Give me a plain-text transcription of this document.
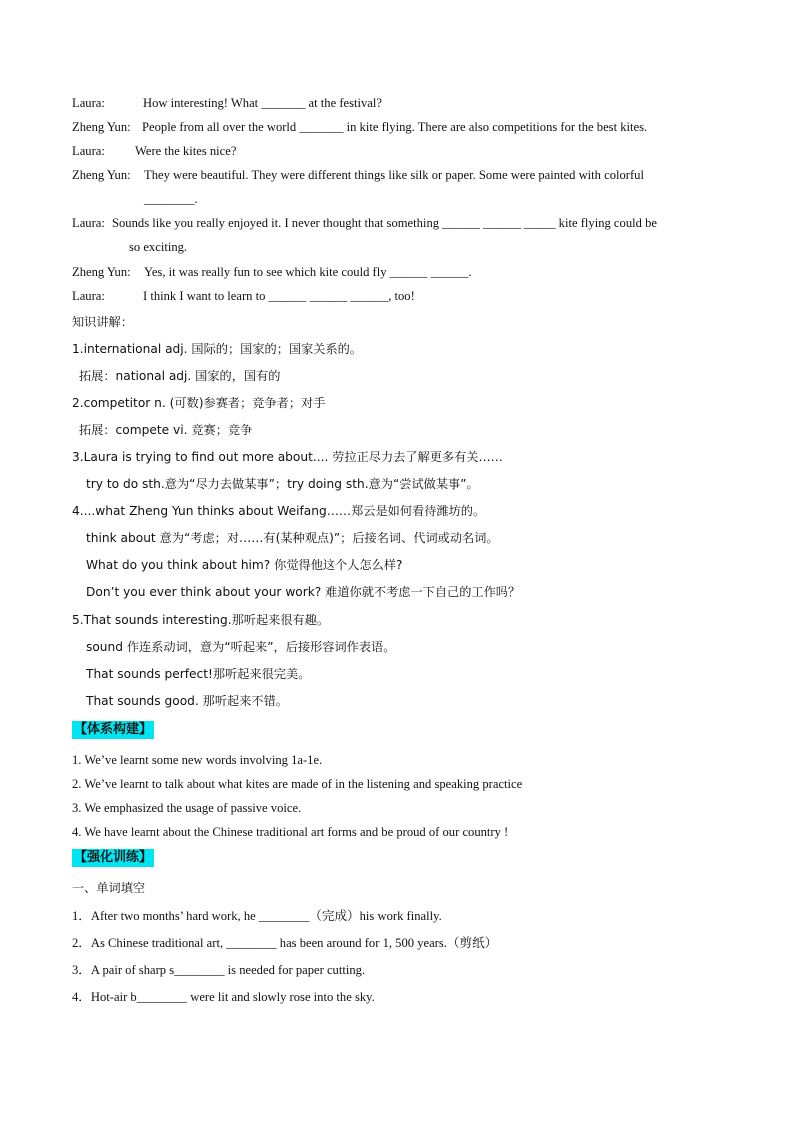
Laura:	How interesting! What _______ at the festival?
Zheng Yun: People from all over the world _______ in kite flying. There are also competitions for the best kites.
Laura: Were the kites nice?
Zheng Yun: They were beautiful. They were different things like silk or paper. Some were painted with colorful
________.
Laura: Sounds like you really enjoyed it. I never thought that something ______ ______ _____ kite flying could be
so exciting.
Zheng Yun: Yes, it was really fun to see which kite could fly ______ ______.
Laura:	I think I want to learn to ______ ______ ______, too!
知识讲解：
1.international adj. 国际的；国家的；国家关系的。
拓展：national adj. 国家的，国有的
2.competitor n. (可数)参赛者；竞争者；对手
拓展：compete vi. 竞赛；竞争
3.Laura is trying to find out more about.... 劳拉正尽力去了解更多有关……
try to do sth.意为“尽力去做某事”；try doing sth.意为“尝试做某事”。
4....what Zheng Yun thinks about Weifang……郑云是如何看待潍坊的。
think about 意为“考虑；对……有(某种观点)”；后接名词、代词或动名词。
What do you think about him? 你觉得他这个人怎么样?
Don’t you ever think about your work? 难道你就不考虑一下自己的工作吗？
5.That sounds interesting.那听起来很有趣。
sound 作连系动词，意为“听起来”，后接形容词作表语。
That sounds perfect!那听起来很完美。
That sounds good. 那听起来不错。
【体系构建】
1. We’ve learnt some new words involving 1a-1e.
2. We’ve learnt to talk about what kites are made of in the listening and speaking practice
3. We emphasized the usage of passive voice.
4. We have learnt about the Chinese traditional art forms and be proud of our country !
【强化训练】
一、单词填空
1．After two months’ hard work, he ________（完成）his work finally.
2．As Chinese traditional art, ________ has been around for 1, 500 years.（剪纸）
3．A pair of sharp s________ is needed for paper cutting.
4．Hot-air b________ were lit and slowly rose into the sky.
